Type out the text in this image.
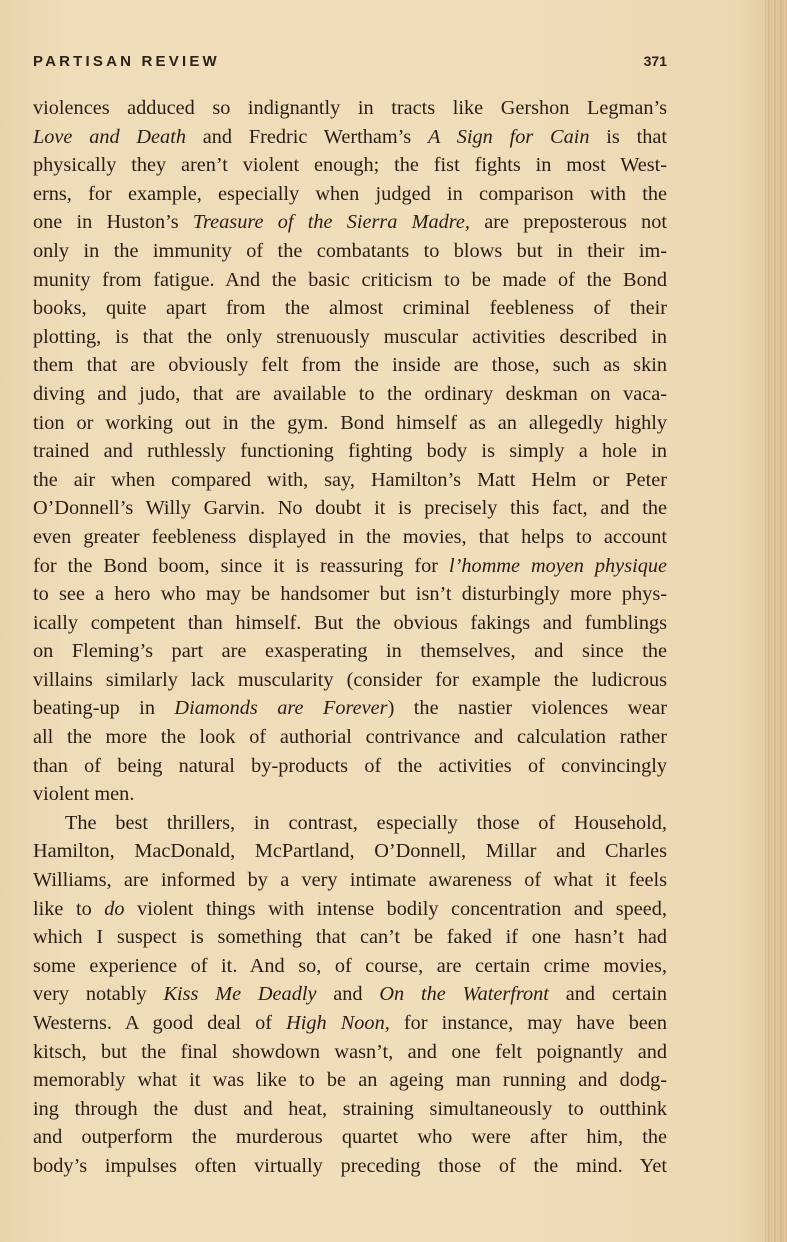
PARTISAN REVIEW	371
violences adduced so indignantly in tracts like Gershon Legman’s
Love and Death and Fredric Wertham’s A Sign for Cain is that
physically they aren’t violent enough; the fist fights in most West-
erns, for example, especially when judged in comparison with the
one in Huston’s Treasure of the Sierra Madre, are preposterous not
only in the immunity of the combatants to blows but in their im-
munity from fatigue. And the basic criticism to be made of the Bond
books, quite apart from the almost criminal feebleness of their
plotting, is that the only strenuously muscular activities described in
them that are obviously felt from the inside are those, such as skin
diving and judo, that are available to the ordinary deskman on vaca-
tion or working out in the gym. Bond himself as an allegedly highly
trained and ruthlessly functioning fighting body is simply a hole in
the air when compared with, say, Hamilton’s Matt Helm or Peter
O’Donnell’s Willy Garvin. No doubt it is precisely this fact, and the
even greater feebleness displayed in the movies, that helps to account
for the Bond boom, since it is reassuring for l’homme moyen physique
to see a hero who may be handsomer but isn’t disturbingly more phys-
ically competent than himself. But the obvious fakings and fumblings
on Fleming’s part are exasperating in themselves, and since the
villains similarly lack muscularity (consider for example the ludicrous
beating-up in Diamonds are Forever) the nastier violences wear
all the more the look of authorial contrivance and calculation rather
than of being natural by-products of the activities of convincingly
violent men.
The best thrillers, in contrast, especially those of Household,
Hamilton, MacDonald, McPartland, O’Donnell, Millar and Charles
Williams, are informed by a very intimate awareness of what it feels
like to do violent things with intense bodily concentration and speed,
which I suspect is something that can’t be faked if one hasn’t had
some experience of it. And so, of course, are certain crime movies,
very notably Kiss Me Deadly and On the Waterfront and certain
Westerns. A good deal of High Noon, for instance, may have been
kitsch, but the final showdown wasn’t, and one felt poignantly and
memorably what it was like to be an ageing man running and dodg-
ing through the dust and heat, straining simultaneously to outthink
and outperform the murderous quartet who were after him, the
body’s impulses often virtually preceding those of the mind. Yet
